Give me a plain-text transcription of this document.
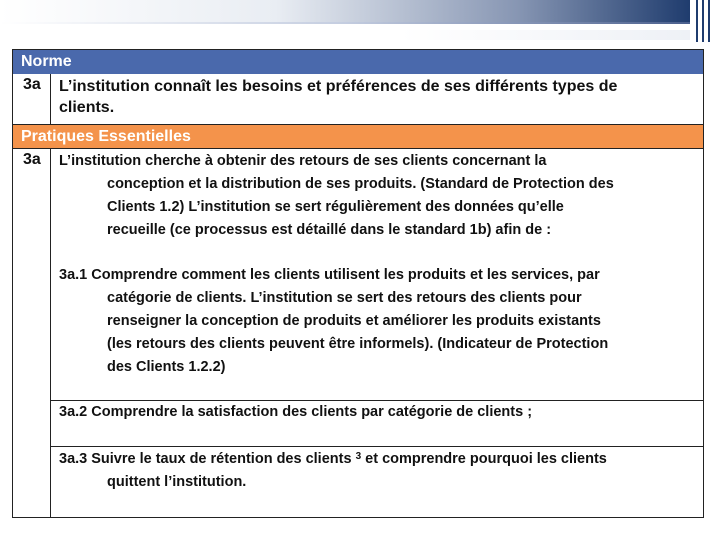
Norme
3a	L’institution connaît les besoins et préférences de ses différents types de
clients.
Pratiques Essentielles
3a	L’institution cherche à obtenir des retours de ses clients concernant la
conception et la distribution de ses produits. (Standard de Protection des
Clients 1.2) L’institution se sert régulièrement des données qu’elle
recueille (ce processus est détaillé dans le standard 1b) afin de :
3a.1 Comprendre comment les clients utilisent les produits et les services, par
catégorie de clients. L’institution se sert des retours des clients pour
renseigner la conception de produits et améliorer les produits existants
(les retours des clients peuvent être informels). (Indicateur de Protection
des Clients 1.2.2)
3a.2 Comprendre la satisfaction des clients par catégorie de clients ;
3a.3 Suivre le taux de rétention des clients $^3$ et comprendre pourquoi les clients
quittent l’institution.
